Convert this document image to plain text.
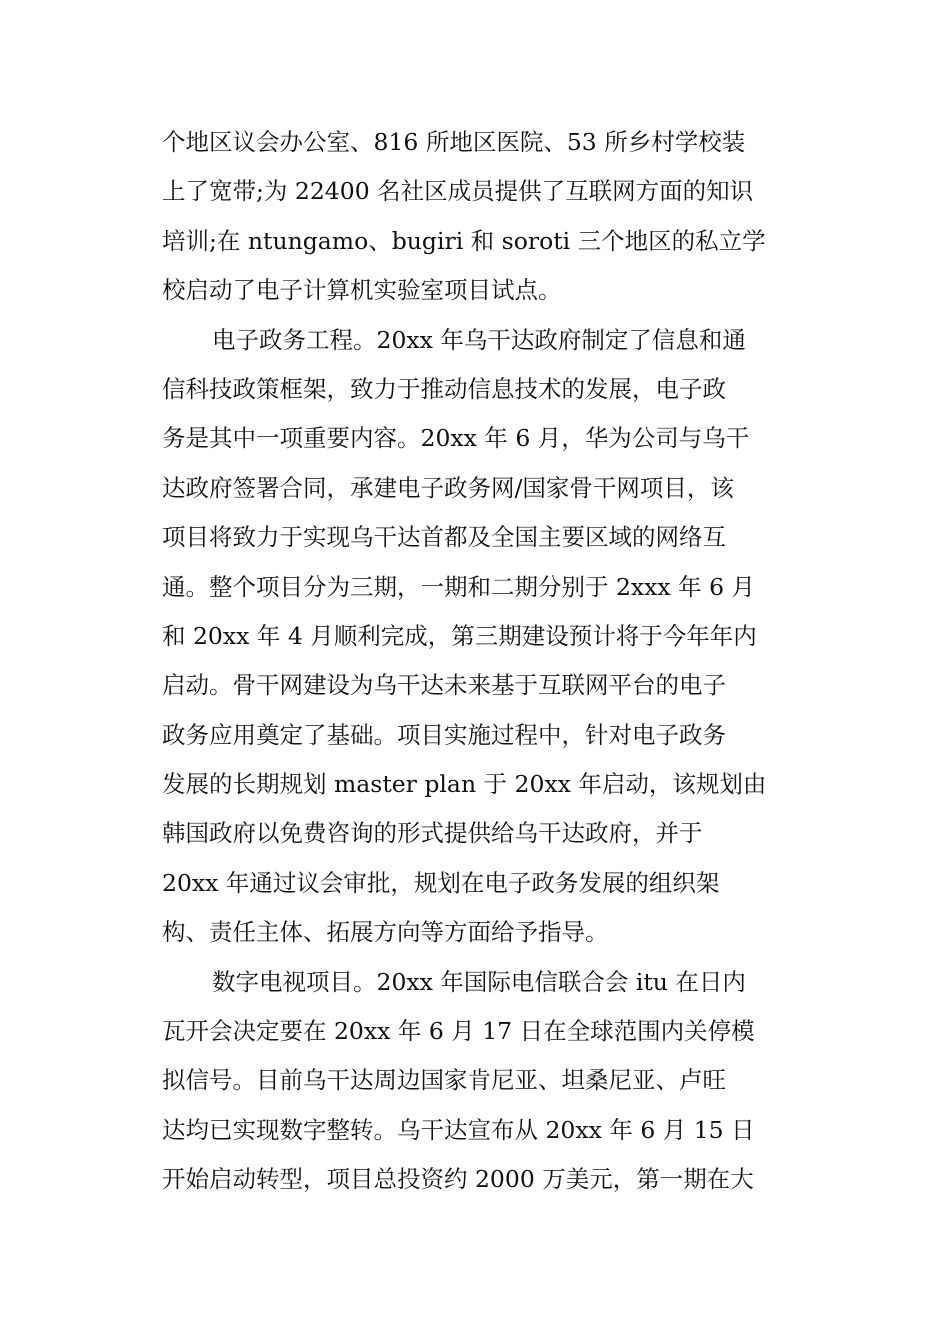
个地区议会办公室、816 所地区医院、53 所乡村学校装
上了宽带;为 22400 名社区成员提供了互联网方面的知识
培训;在 ntungamo、bugiri 和 soroti 三个地区的私立学
校启动了电子计算机实验室项目试点。
电子政务工程。20xx 年乌干达政府制定了信息和通
信科技政策框架，致力于推动信息技术的发展，电子政
务是其中一项重要内容。20xx 年 6 月，华为公司与乌干
达政府签署合同，承建电子政务网/国家骨干网项目，该
项目将致力于实现乌干达首都及全国主要区域的网络互
通。整个项目分为三期，一期和二期分别于 2xxx 年 6 月
和 20xx 年 4 月顺利完成，第三期建设预计将于今年年内
启动。骨干网建设为乌干达未来基于互联网平台的电子
政务应用奠定了基础。项目实施过程中，针对电子政务
发展的长期规划 master plan 于 20xx 年启动，该规划由
韩国政府以免费咨询的形式提供给乌干达政府，并于
20xx 年通过议会审批，规划在电子政务发展的组织架
构、责任主体、拓展方向等方面给予指导。
数字电视项目。20xx 年国际电信联合会 itu 在日内
瓦开会决定要在 20xx 年 6 月 17 日在全球范围内关停模
拟信号。目前乌干达周边国家肯尼亚、坦桑尼亚、卢旺
达均已实现数字整转。乌干达宣布从 20xx 年 6 月 15 日
开始启动转型，项目总投资约 2000 万美元，第一期在大
